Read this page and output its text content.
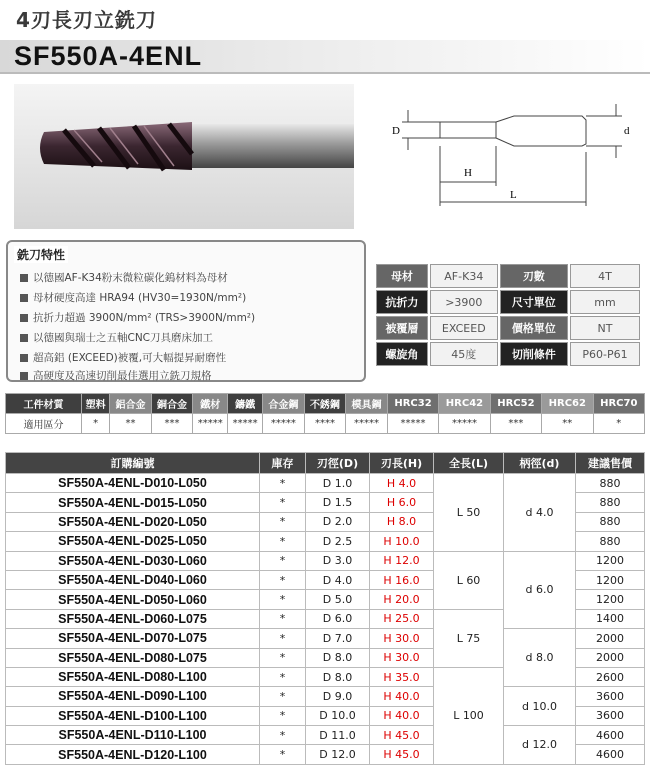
4刃長刃立銑刀
SF550A-4ENL
D	d
H
L
銑刀特性
以德國AF-K34粉末微粒碳化鎢材料為母材
母材硬度高達 HRA94 (HV30=1930N/mm²)
抗折力超過 3900N/mm² (TRS>3900N/mm²)
以德國與瑞士之五軸CNC刀具磨床加工
超高鋁 (EXCEED)被覆,可大幅提昇耐磨性
高硬度及高速切削最佳選用立銑刀規格
母材	AF-K34	刃數	4T
抗折力	>3900	尺寸單位	mm
被覆層	EXCEED	價格單位	NT
螺旋角	45度	切削條件	P60-P61
工件材質	塑料	鋁合金	銅合金	鐵材	鑄鐵	合金鋼	不銹鋼	模具鋼	HRC32	HRC42	HRC52	HRC62	HRC70
適用區分	*	**	***	*****	*****	*****	****	*****	*****	*****	***	**	*
訂購編號	庫存	刃徑(D)	刃長(H)	全長(L)	柄徑(d)	建議售價
SF550A-4ENL-D010-L050	*	D 1.0	H 4.0	L 50	d 4.0	880
SF550A-4ENL-D015-L050	*	D 1.5	H 6.0			880
SF550A-4ENL-D020-L050	*	D 2.0	H 8.0			880
SF550A-4ENL-D025-L050	*	D 2.5	H 10.0			880
SF550A-4ENL-D030-L060	*	D 3.0	H 12.0	L 60	d 6.0	1200
SF550A-4ENL-D040-L060	*	D 4.0	H 16.0			1200
SF550A-4ENL-D050-L060	*	D 5.0	H 20.0			1200
SF550A-4ENL-D060-L075	*	D 6.0	H 25.0	L 75		1400
SF550A-4ENL-D070-L075	*	D 7.0	H 30.0		d 8.0	2000
SF550A-4ENL-D080-L075	*	D 8.0	H 30.0			2000
SF550A-4ENL-D080-L100	*	D 8.0	H 35.0	L 100		2600
SF550A-4ENL-D090-L100	*	D 9.0	H 40.0		d 10.0	3600
SF550A-4ENL-D100-L100	*	D 10.0	H 40.0			3600
SF550A-4ENL-D110-L100	*	D 11.0	H 45.0		d 12.0	4600
SF550A-4ENL-D120-L100	*	D 12.0	H 45.0			4600
